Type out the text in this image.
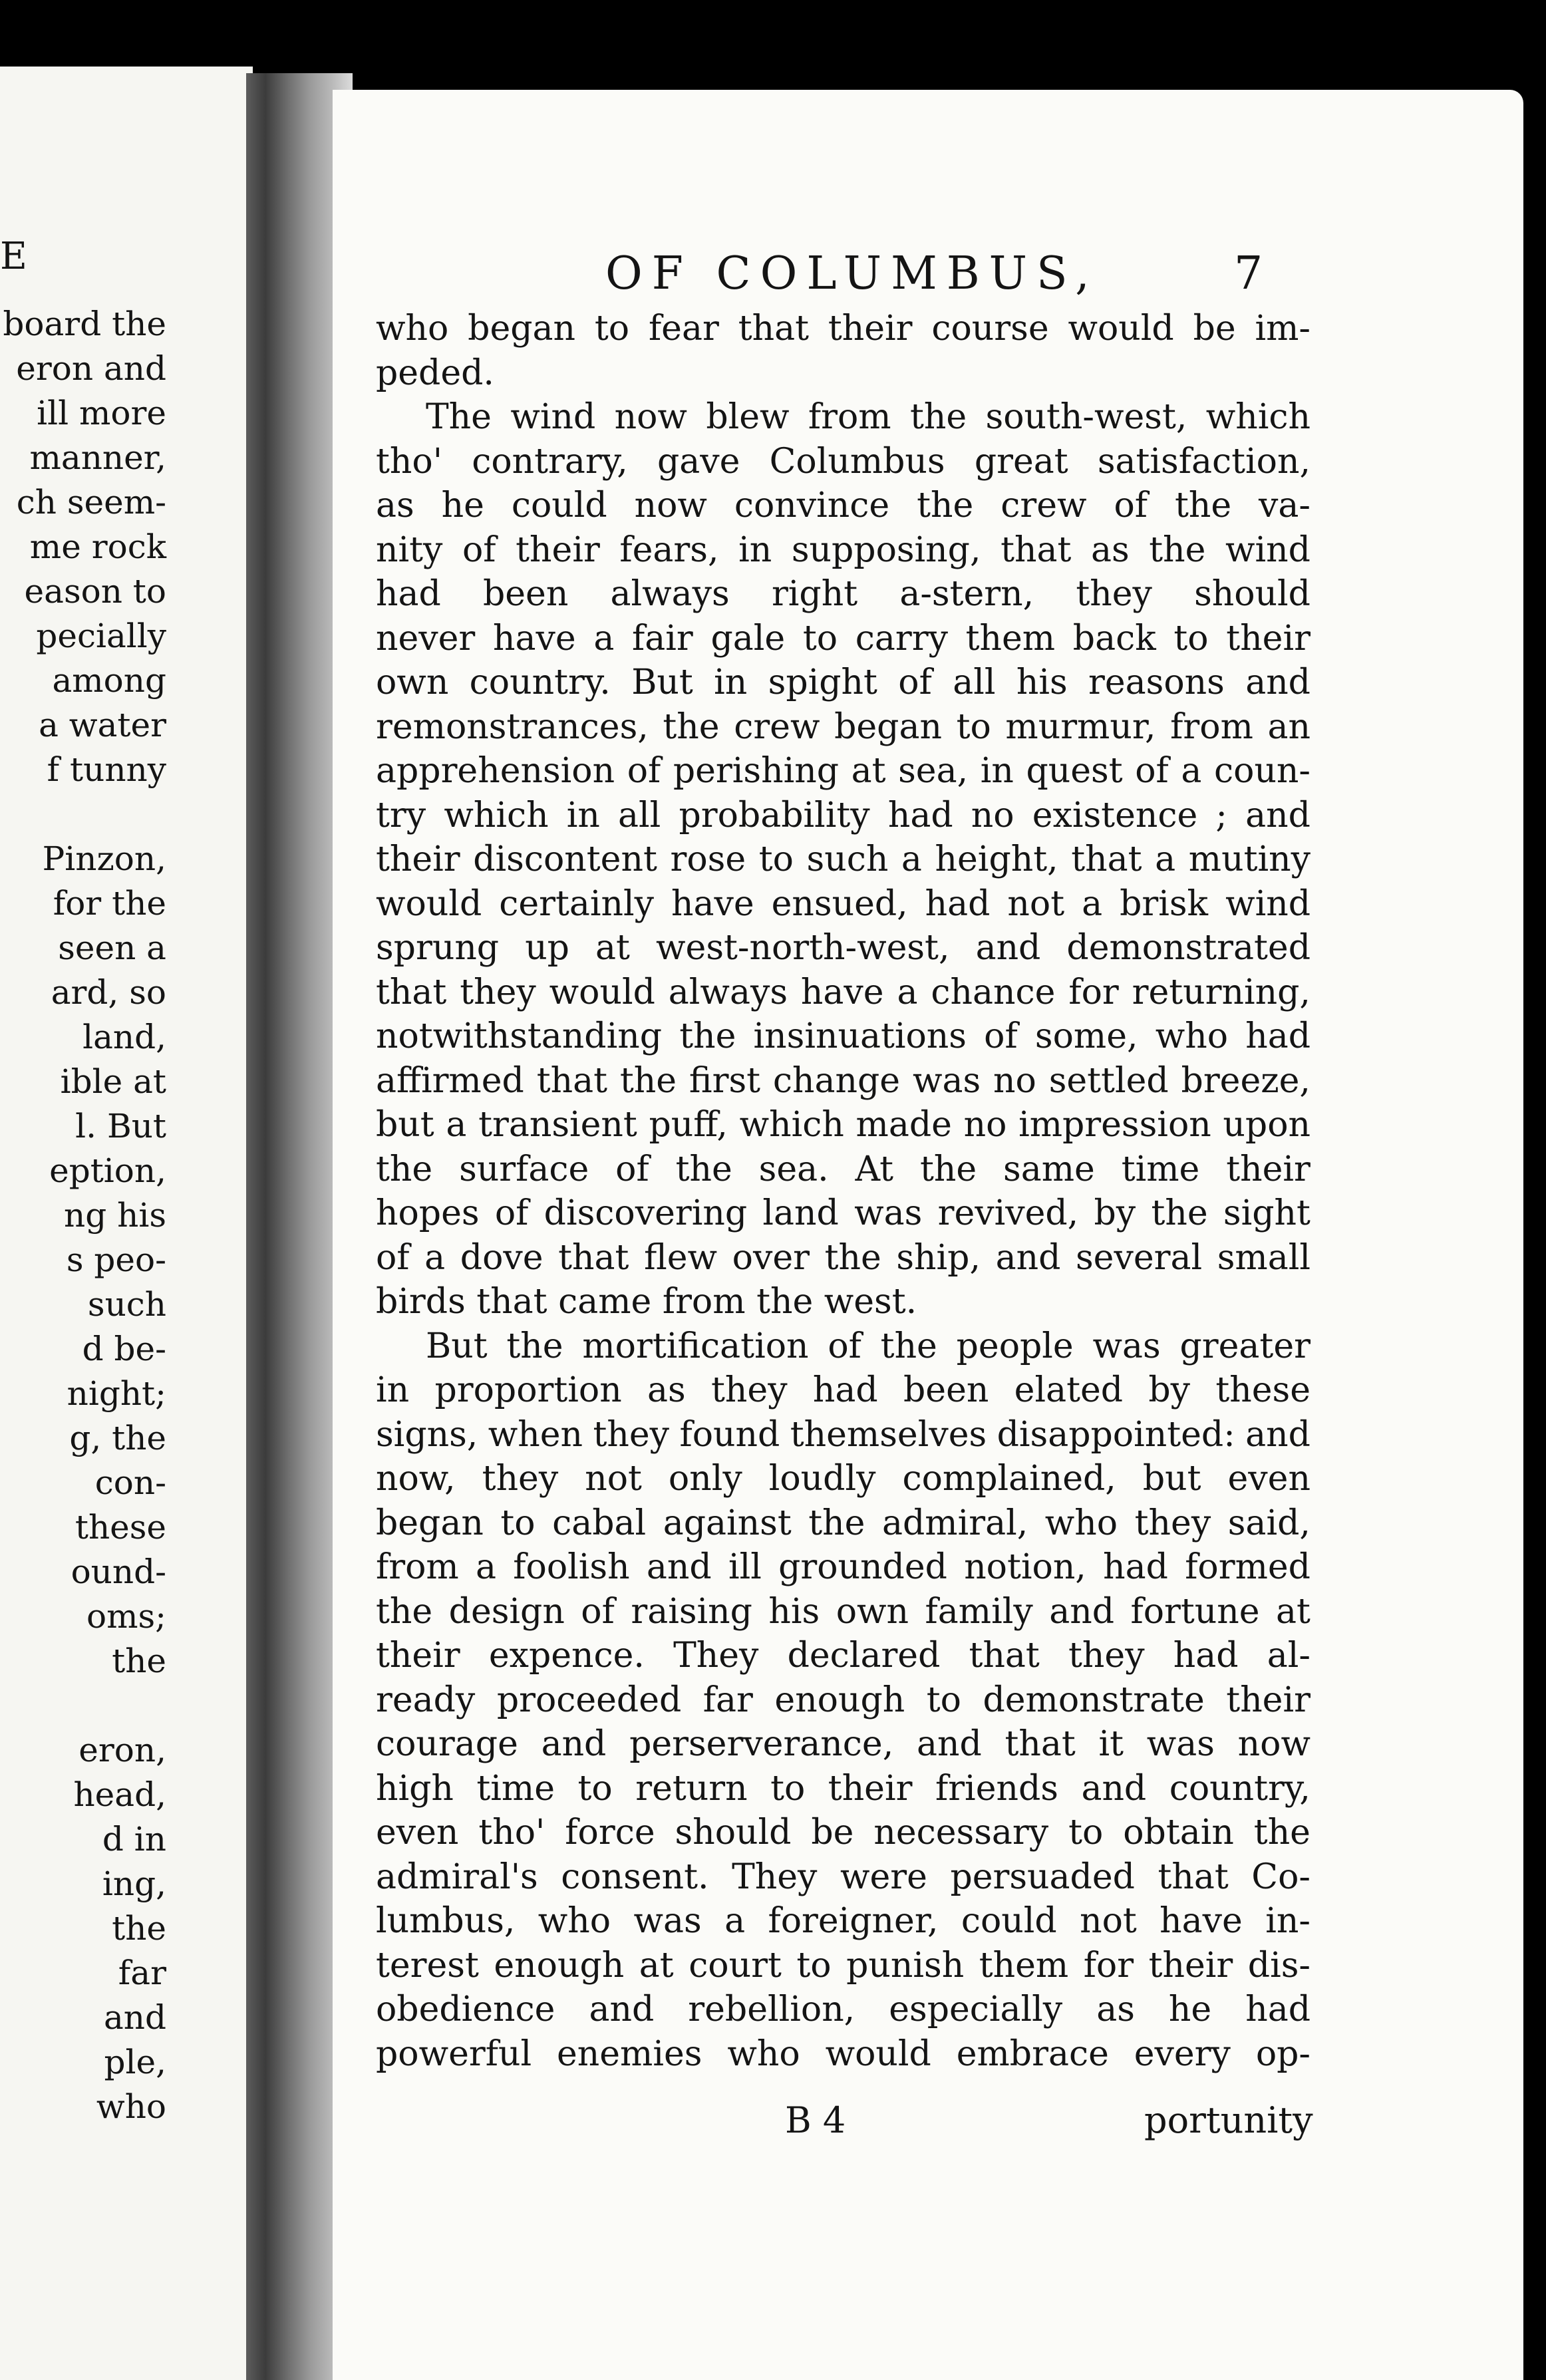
E
board the
eron and
ill more
manner,
ch seem-
me rock
eason to
pecially
among
a water
f tunny
Pinzon,
for the
seen a
ard, so
land,
ible at
l. But
eption,
ng his
s peo-
such
d be-
night;
g, the
con-
these
ound-
oms;
the
eron,
head,
d in
ing,
the
far
and
ple,
who
OF COLUMBUS,	7
who began to fear that their course would be im-
peded.
The wind now blew from the south-west, which
tho' contrary, gave Columbus great satisfaction,
as he could now convince the crew of the va-
nity of their fears, in supposing, that as the wind
had been always right a-stern, they should
never have a fair gale to carry them back to their
own country. But in spight of all his reasons and
remonstrances, the crew began to murmur, from an
apprehension of perishing at sea, in quest of a coun-
try which in all probability had no existence ; and
their discontent rose to such a height, that a mutiny
would certainly have ensued, had not a brisk wind
sprung up at west-north-west, and demonstrated
that they would always have a chance for returning,
notwithstanding the insinuations of some, who had
affirmed that the first change was no settled breeze,
but a transient puff, which made no impression upon
the surface of the sea. At the same time their
hopes of discovering land was revived, by the sight
of a dove that flew over the ship, and several small
birds that came from the west.
But the mortification of the people was greater
in proportion as they had been elated by these
signs, when they found themselves disappointed: and
now, they not only loudly complained, but even
began to cabal against the admiral, who they said,
from a foolish and ill grounded notion, had formed
the design of raising his own family and fortune at
their expence. They declared that they had al-
ready proceeded far enough to demonstrate their
courage and perserverance, and that it was now
high time to return to their friends and country,
even tho' force should be necessary to obtain the
admiral's consent. They were persuaded that Co-
lumbus, who was a foreigner, could not have in-
terest enough at court to punish them for their dis-
obedience and rebellion, especially as he had
powerful enemies who would embrace every op-
B 4	portunity
